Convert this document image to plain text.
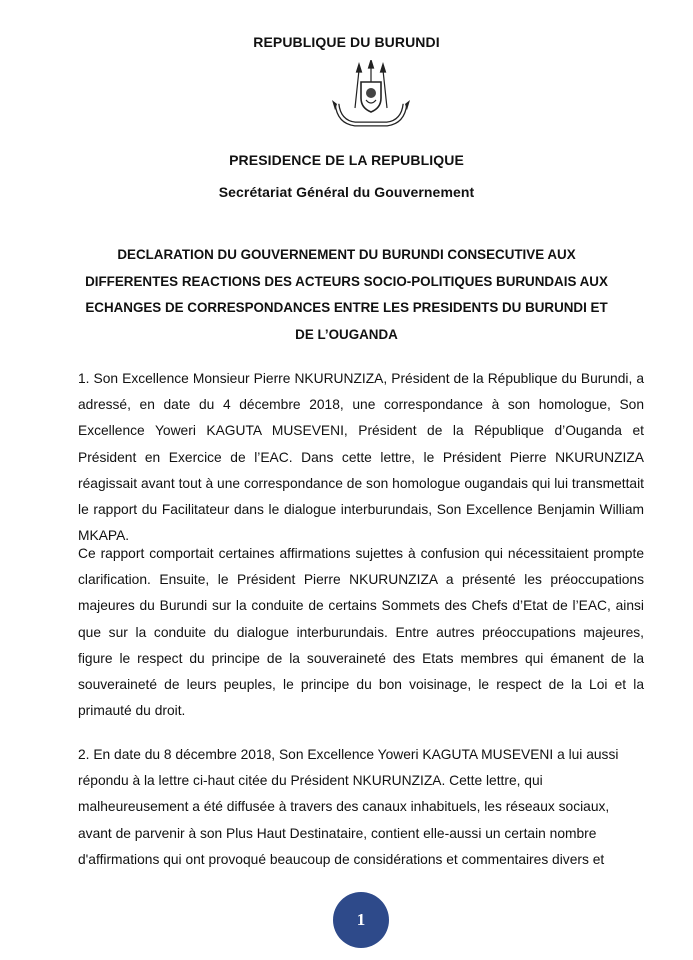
REPUBLIQUE DU BURUNDI
PRESIDENCE DE LA REPUBLIQUE
Secrétariat Général du Gouvernement
DECLARATION DU GOUVERNEMENT DU BURUNDI CONSECUTIVE AUX
DIFFERENTES REACTIONS DES ACTEURS SOCIO-POLITIQUES BURUNDAIS AUX
ECHANGES DE CORRESPONDANCES ENTRE LES PRESIDENTS DU BURUNDI ET
DE L’OUGANDA

1. Son Excellence Monsieur Pierre NKURUNZIZA, Président de la République du Burundi, a adressé, en date du 4 décembre 2018, une correspondance à son homologue, Son Excellence Yoweri KAGUTA MUSEVENI, Président de la République d’Ouganda et Président en Exercice de l’EAC. Dans cette lettre, le Président Pierre NKURUNZIZA réagissait avant tout à une correspondance de son homologue ougandais qui lui transmettait le rapport du Facilitateur dans le dialogue interburundais, Son Excellence Benjamin William MKAPA.

Ce rapport comportait certaines affirmations sujettes à confusion qui nécessitaient prompte clarification. Ensuite, le Président Pierre NKURUNZIZA a présenté les préoccupations majeures du Burundi sur la conduite de certains Sommets des Chefs d’Etat de l’EAC, ainsi que sur la conduite du dialogue interburundais. Entre autres préoccupations majeures, figure le respect du principe de la souveraineté des Etats membres qui émanent de la souveraineté de leurs peuples, le principe du bon voisinage, le respect de la Loi et la primauté du droit.

2. En date du 8 décembre 2018, Son Excellence Yoweri KAGUTA MUSEVENI a lui aussi répondu à la lettre ci-haut citée du Président NKURUNZIZA. Cette lettre, qui malheureusement a été diffusée à travers des canaux inhabituels, les réseaux sociaux, avant de parvenir à son Plus Haut Destinataire, contient elle-aussi un certain nombre d'affirmations qui ont provoqué beaucoup de considérations et commentaires divers et

1
